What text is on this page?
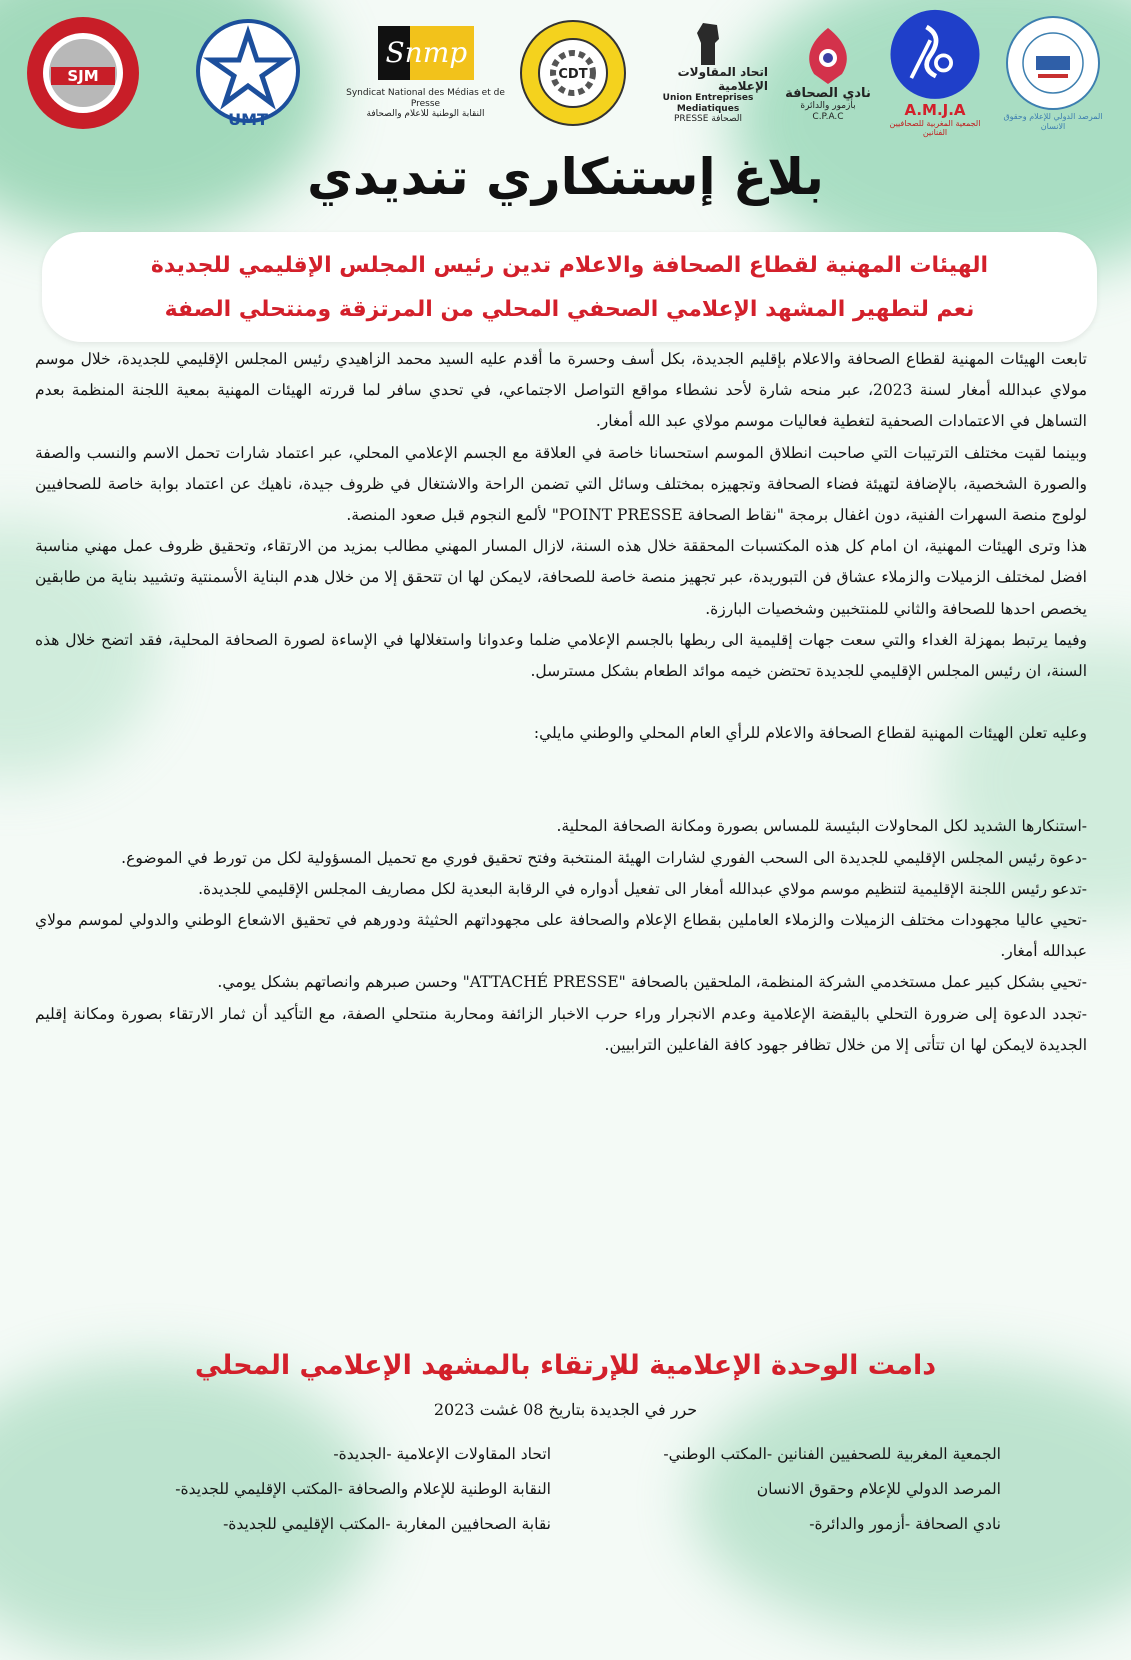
SJM
UMT
Snmp
Syndicat National des Médias et de Presse
النقابة الوطنية للاعلام والصحافة
CDT	اتحاد المقاولات الإعلامية
Union Entreprises Mediatiques
PRESSE الصحافة
نادي الصحافة
بأزمور والدائرة
C.P.A.C	A.M.J.A
الجمعية المغربية للصحافيين الفنانين
المرصد الدولي للإعلام وحقوق الانسان
بلاغ إستنكاري تنديدي

الهيئات المهنية لقطاع الصحافة والاعلام تدين رئيس المجلس الإقليمي للجديدة

نعم لتطهير المشهد الإعلامي الصحفي المحلي من المرتزقة ومنتحلي الصفة

تابعت الهيئات المهنية لقطاع الصحافة والاعلام بإقليم الجديدة، بكل أسف وحسرة ما أقدم عليه السيد محمد الزاهيدي رئيس المجلس الإقليمي للجديدة، خلال موسم مولاي عبدالله أمغار لسنة 2023، عبر منحه شارة لأحد نشطاء مواقع التواصل الاجتماعي، في تحدي سافر لما قررته الهيئات المهنية بمعية اللجنة المنظمة بعدم التساهل في الاعتمادات الصحفية لتغطية فعاليات موسم مولاي عبد الله أمغار.

وبينما لقيت مختلف الترتيبات التي صاحبت انطلاق الموسم استحسانا خاصة في العلاقة مع الجسم الإعلامي المحلي، عبر اعتماد شارات تحمل الاسم والنسب والصفة والصورة الشخصية، بالإضافة لتهيئة فضاء الصحافة وتجهيزه بمختلف وسائل التي تضمن الراحة والاشتغال في ظروف جيدة، ناهيك عن اعتماد بوابة خاصة للصحافيين لولوج منصة السهرات الفنية، دون اغفال برمجة "نقاط الصحافة POINT PRESSE" لألمع النجوم قبل صعود المنصة.

هذا وترى الهيئات المهنية، ان امام كل هذه المكتسبات المحققة خلال هذه السنة، لازال المسار المهني مطالب بمزيد من الارتقاء، وتحقيق ظروف عمل مهني مناسبة افضل لمختلف الزميلات والزملاء عشاق فن التبوريدة، عبر تجهيز منصة خاصة للصحافة، لايمكن لها ان تتحقق إلا من خلال هدم البناية الأسمنتية وتشييد بناية من طابقين يخصص احدها للصحافة والثاني للمنتخبين وشخصيات البارزة.

وفيما يرتبط بمهزلة الغداء والتي سعت جهات إقليمية الى ربطها بالجسم الإعلامي ضلما وعدوانا واستغلالها في الإساءة لصورة الصحافة المحلية، فقد اتضح خلال هذه السنة، ان رئيس المجلس الإقليمي للجديدة تحتضن خيمه موائد الطعام بشكل مسترسل.

وعليه تعلن الهيئات المهنية لقطاع الصحافة والاعلام للرأي العام المحلي والوطني مايلي:

-استنكارها الشديد لكل المحاولات البئيسة للمساس بصورة ومكانة الصحافة المحلية.

-دعوة رئيس المجلس الإقليمي للجديدة الى السحب الفوري لشارات الهيئة المنتخبة وفتح تحقيق فوري مع تحميل المسؤولية لكل من تورط في الموضوع.

-تدعو رئيس اللجنة الإقليمية لتنظيم موسم مولاي عبدالله أمغار الى تفعيل أدواره في الرقابة البعدية لكل مصاريف المجلس الإقليمي للجديدة.

-تحيي عاليا مجهودات مختلف الزميلات والزملاء العاملين بقطاع الإعلام والصحافة على مجهوداتهم الحثيثة ودورهم في تحقيق الاشعاع الوطني والدولي لموسم مولاي عبدالله أمغار.

-تحيي بشكل كبير عمل مستخدمي الشركة المنظمة، الملحقين بالصحافة "ATTACHÉ PRESSE" وحسن صبرهم وانصاتهم بشكل يومي.

-تجدد الدعوة إلى ضرورة التحلي باليقضة الإعلامية وعدم الانجرار وراء حرب الاخبار الزائفة ومحاربة منتحلي الصفة، مع التأكيد أن ثمار الارتقاء بصورة ومكانة إقليم الجديدة لايمكن لها ان تتأتى إلا من خلال تظافر جهود كافة الفاعلين الترابيين.

دامت الوحدة الإعلامية للإرتقاء بالمشهد الإعلامي المحلي

حرر في الجديدة بتاريخ 08 غشت 2023
الجمعية المغربية للصحفيين الفنانين -المكتب الوطني-
المرصد الدولي للإعلام وحقوق الانسان
نادي الصحافة -أزمور والدائرة-
اتحاد المقاولات الإعلامية -الجديدة-
النقابة الوطنية للإعلام والصحافة -المكتب الإقليمي للجديدة-
نقابة الصحافيين المغاربة -المكتب الإقليمي للجديدة-
